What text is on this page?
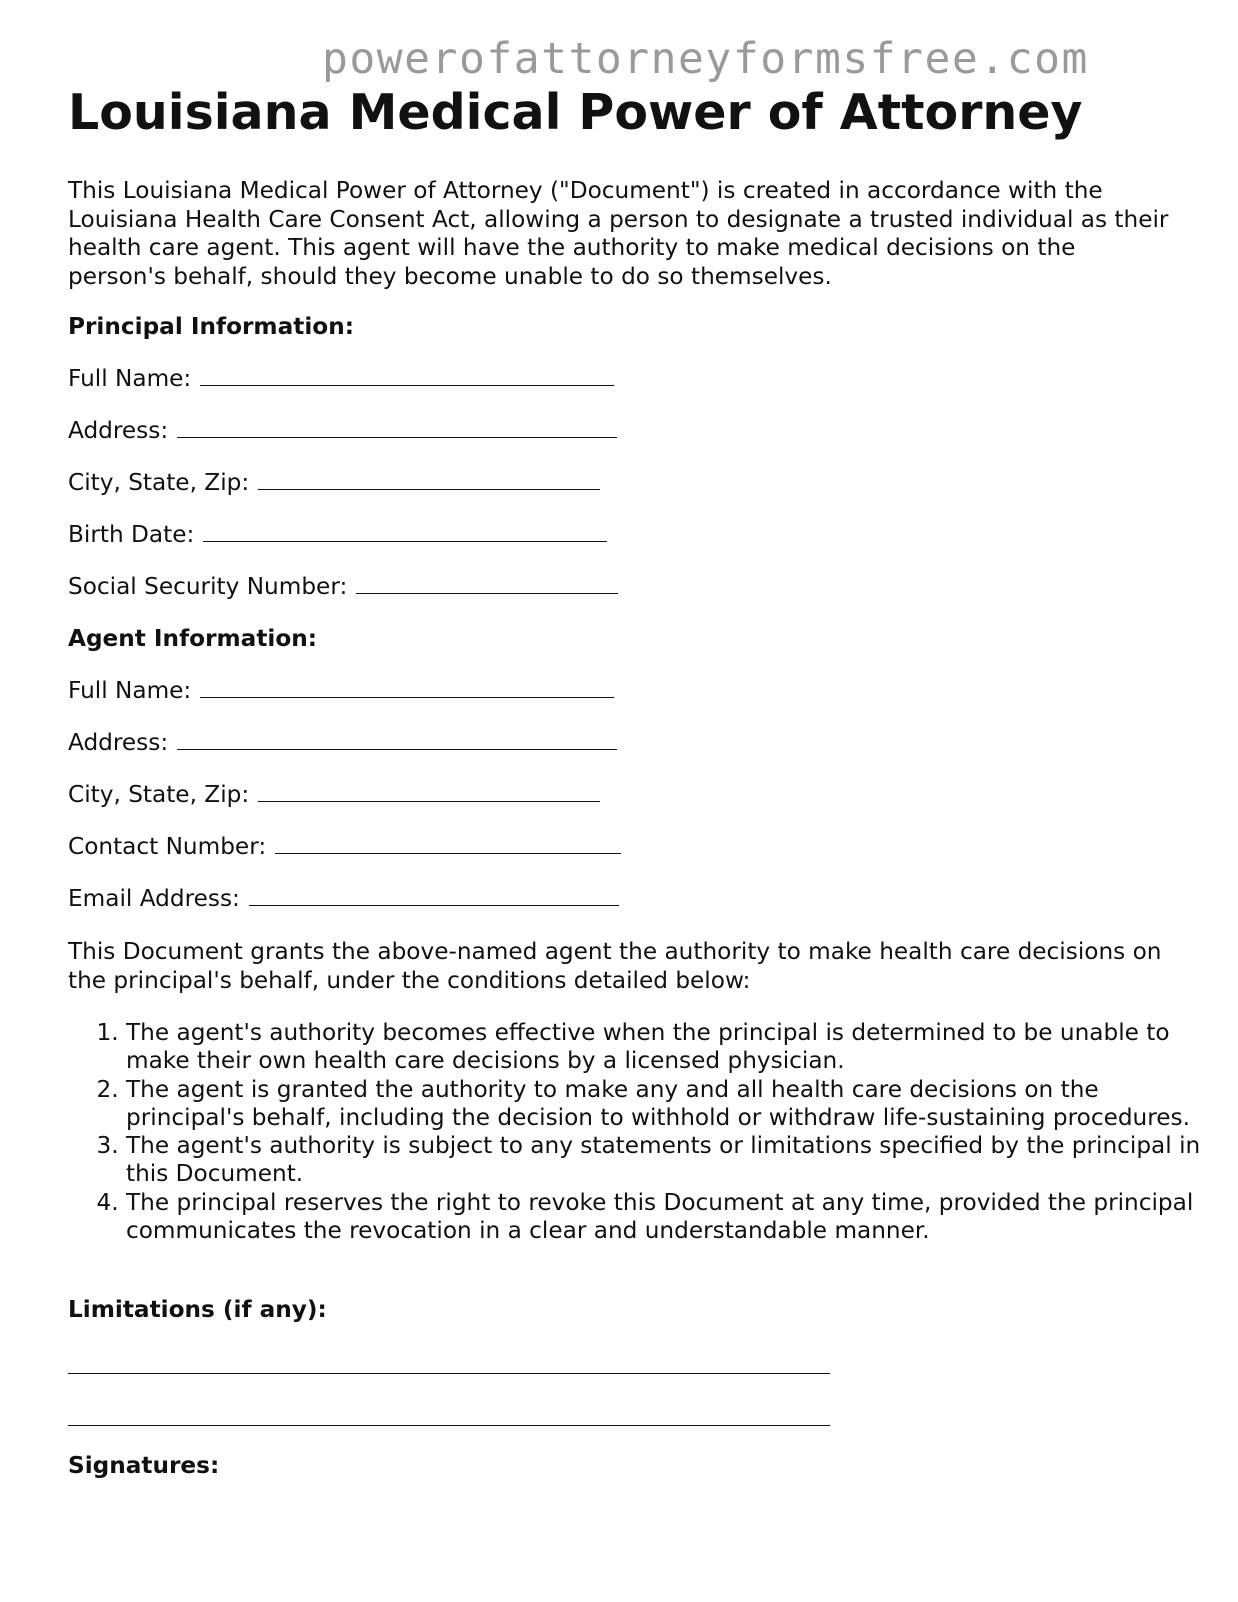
powerofattorneyformsfree.com
Louisiana Medical Power of Attorney

This Louisiana Medical Power of Attorney ("Document") is created in accordance with the Louisiana Health Care Consent Act, allowing a person to designate a trusted individual as their health care agent. This agent will have the authority to make medical decisions on the person's behalf, should they become unable to do so themselves.

Principal Information:
Full Name:
Address:
City, State, Zip:
Birth Date:
Social Security Number:
Agent Information:
Full Name:
Address:
City, State, Zip:
Contact Number:
Email Address:

This Document grants the above-named agent the authority to make health care decisions on the principal's behalf, under the conditions detailed below:

1. The agent's authority becomes effective when the principal is determined to be unable to make their own health care decisions by a licensed physician.
2. The agent is granted the authority to make any and all health care decisions on the principal's behalf, including the decision to withhold or withdraw life-sustaining procedures.
3. The agent's authority is subject to any statements or limitations specified by the principal in this Document.
4. The principal reserves the right to revoke this Document at any time, provided the principal communicates the revocation in a clear and understandable manner.
Limitations (if any):
Signatures:
